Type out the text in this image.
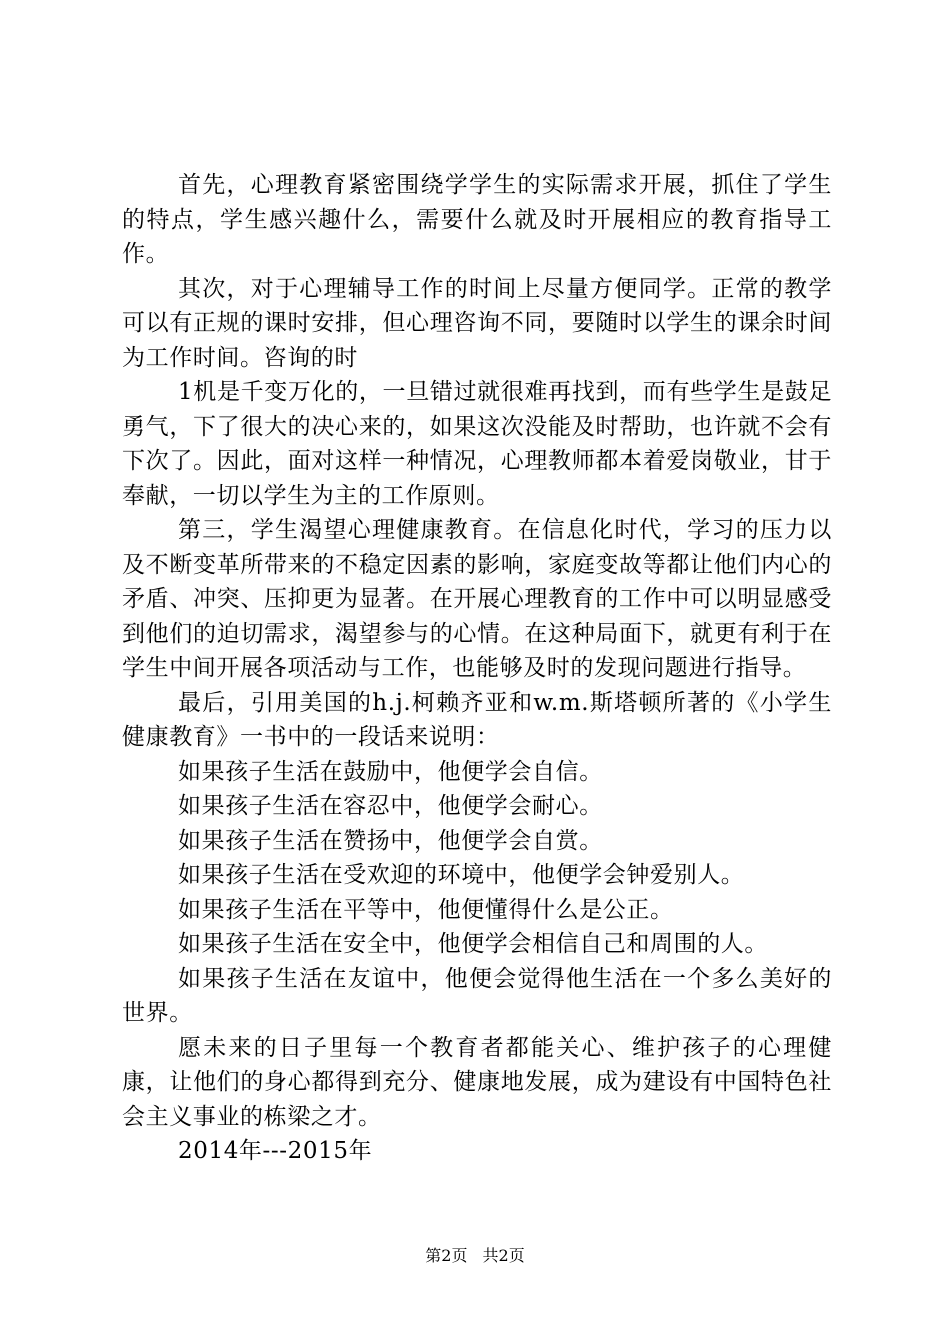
首先，心理教育紧密围绕学学生的实际需求开展，抓住了学生的特点，学生感兴趣什么，需要什么就及时开展相应的教育指导工作。

其次，对于心理辅导工作的时间上尽量方便同学。正常的教学可以有正规的课时安排，但心理咨询不同，要随时以学生的课余时间为工作时间。咨询的时

1机是千变万化的，一旦错过就很难再找到，而有些学生是鼓足勇气，下了很大的决心来的，如果这次没能及时帮助，也许就不会有下次了。因此，面对这样一种情况，心理教师都本着爱岗敬业，甘于奉献，一切以学生为主的工作原则。

第三，学生渴望心理健康教育。在信息化时代，学习的压力以及不断变革所带来的不稳定因素的影响，家庭变故等都让他们内心的矛盾、冲突、压抑更为显著。在开展心理教育的工作中可以明显感受到他们的迫切需求，渴望参与的心情。在这种局面下，就更有利于在学生中间开展各项活动与工作，也能够及时的发现问题进行指导。

最后，引用美国的h.j.柯赖齐亚和w.m.斯塔顿所著的《小学生健康教育》一书中的一段话来说明：

如果孩子生活在鼓励中，他便学会自信。

如果孩子生活在容忍中，他便学会耐心。

如果孩子生活在赞扬中，他便学会自赏。

如果孩子生活在受欢迎的环境中，他便学会钟爱别人。

如果孩子生活在平等中，他便懂得什么是公正。

如果孩子生活在安全中，他便学会相信自己和周围的人。

如果孩子生活在友谊中，他便会觉得他生活在一个多么美好的世界。

愿未来的日子里每一个教育者都能关心、维护孩子的心理健康，让他们的身心都得到充分、健康地发展，成为建设有中国特色社会主义事业的栋梁之才。

2014年---2015年

第2页 共2页
